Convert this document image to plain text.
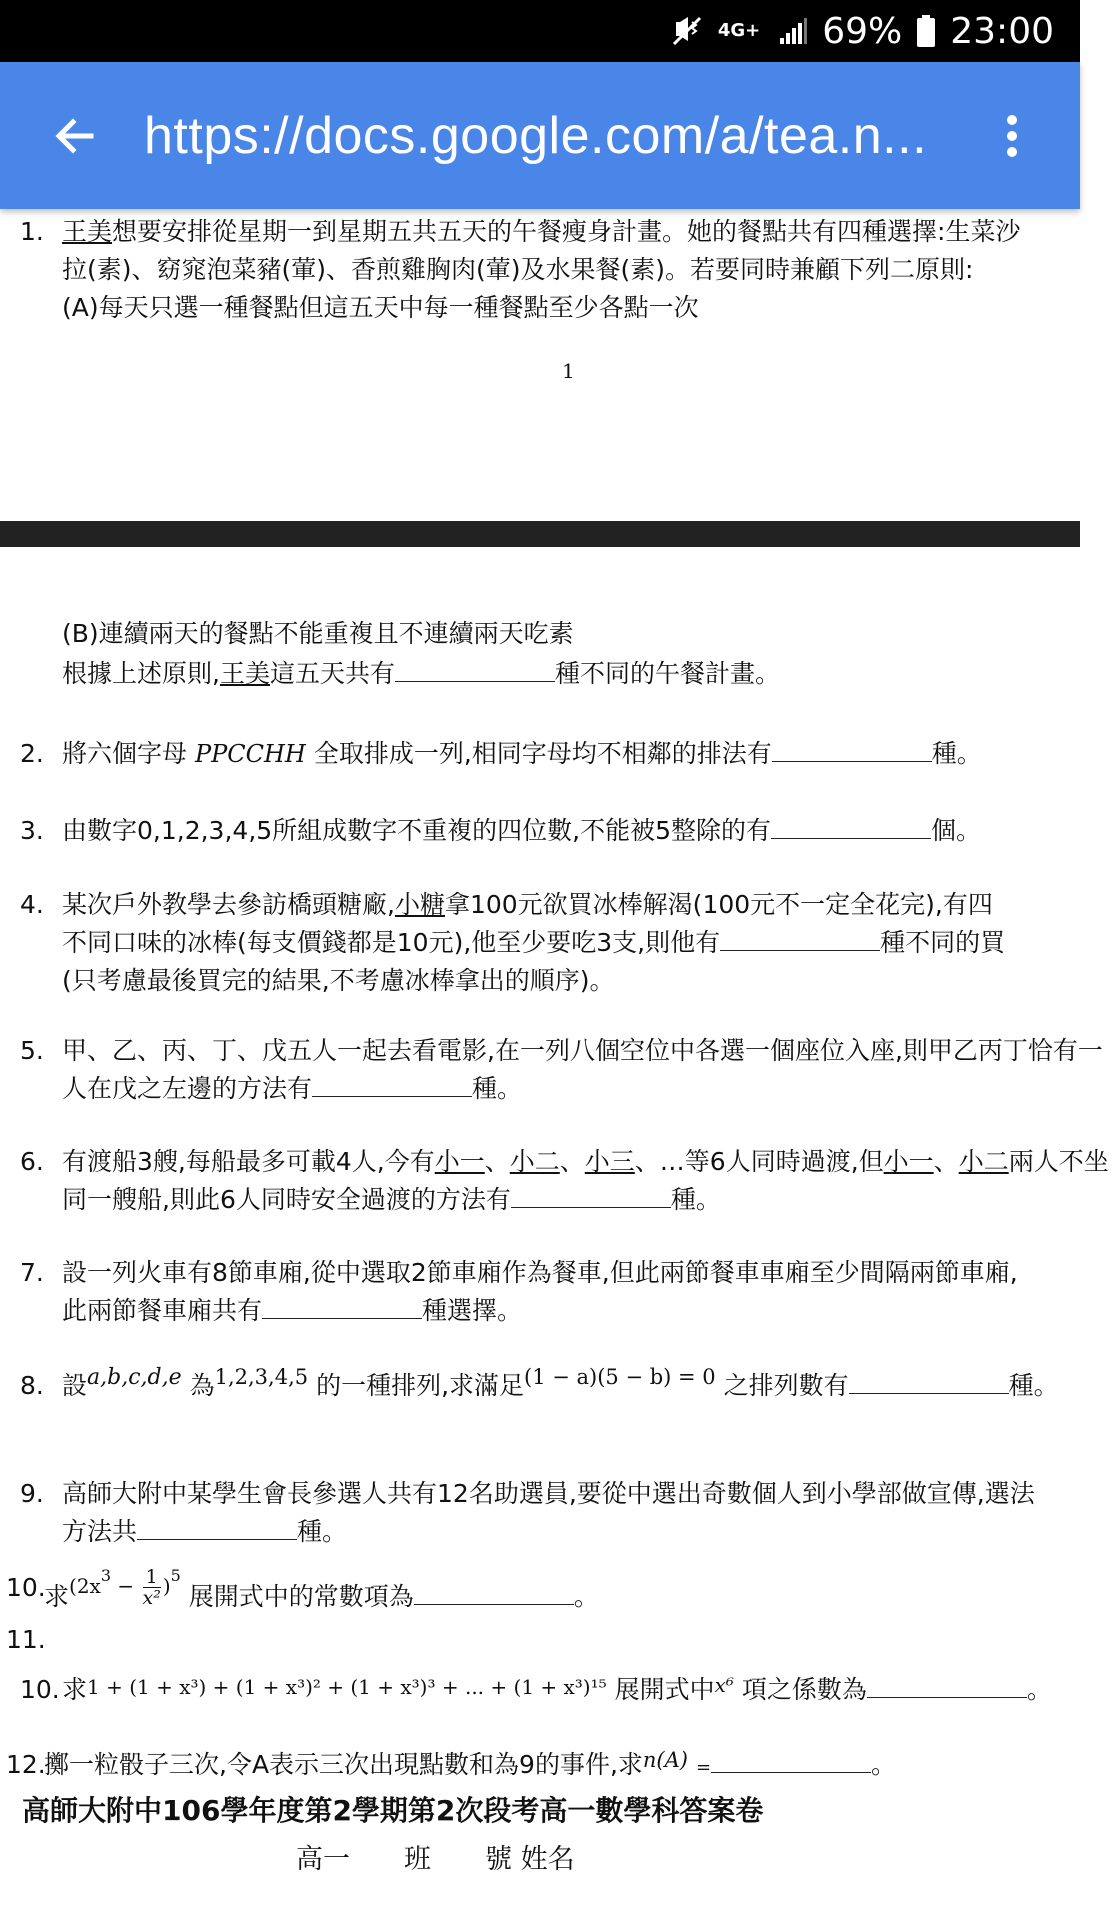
4G+ 69% 23:00
https://docs.google.com/a/tea.n...
1. 王美想要安排從星期一到星期五共五天的午餐瘦身計畫。她的餐點共有四種選擇:生菜沙
拉(素)、窈窕泡菜豬(葷)、香煎雞胸肉(葷)及水果餐(素)。若要同時兼顧下列二原則:
(A)每天只選一種餐點但這五天中每一種餐點至少各點一次
1
(B)連續兩天的餐點不能重複且不連續兩天吃素
根據上述原則,王美這五天共有	種不同的午餐計畫。
2. 將六個字母 PPCCHH 全取排成一列,相同字母均不相鄰的排法有	種。
3. 由數字0,1,2,3,4,5所組成數字不重複的四位數,不能被5整除的有	個。
4. 某次戶外教學去參訪橋頭糖廠,小糖拿100元欲買冰棒解渴(100元不一定全花完),有四
不同口味的冰棒(每支價錢都是10元),他至少要吃3支,則他有	種不同的買
(只考慮最後買完的結果,不考慮冰棒拿出的順序)。
5. 甲、乙、丙、丁、戊五人一起去看電影,在一列八個空位中各選一個座位入座,則甲乙丙丁恰有一
人在戊之左邊的方法有	種。
6. 有渡船3艘,每船最多可載4人,今有小一、小二、小三、…等6人同時過渡,但小一、小二兩人不坐
同一艘船,則此6人同時安全過渡的方法有	種。
7. 設一列火車有8節車廂,從中選取2節車廂作為餐車,但此兩節餐車車廂至少間隔兩節車廂,
此兩節餐車廂共有	種選擇。
8. 設a,b,c,d,e 為$^{1,2,3,4,5}$ 的一種排列,求滿足$^{(1 - a)(5 - b) = 0}$ 之排列數有	種。
9. 高師大附中某學生會長參選人共有12名助選員,要從中選出奇數個人到小學部做宣傳,選法
方法共	種。
10.
求$^{(2x^3 - \frac{1}{\text{x²}} )^5}$ 展開式中的常數項為	。
11.
10. 求1 + (1 + x³) + (1 + x³)² + (1 + x³)³ + ... + (1 + x³)¹⁵ 展開式中$^{x^6}$ 項之係數為	。
12.
擲一粒骰子三次,令A表示三次出現點數和為9的事件,求$^{n(A)}$ =	。
高師大附中106學年度第2學期第2次段考高一數學科答案卷
高一　　班　　號 姓名
